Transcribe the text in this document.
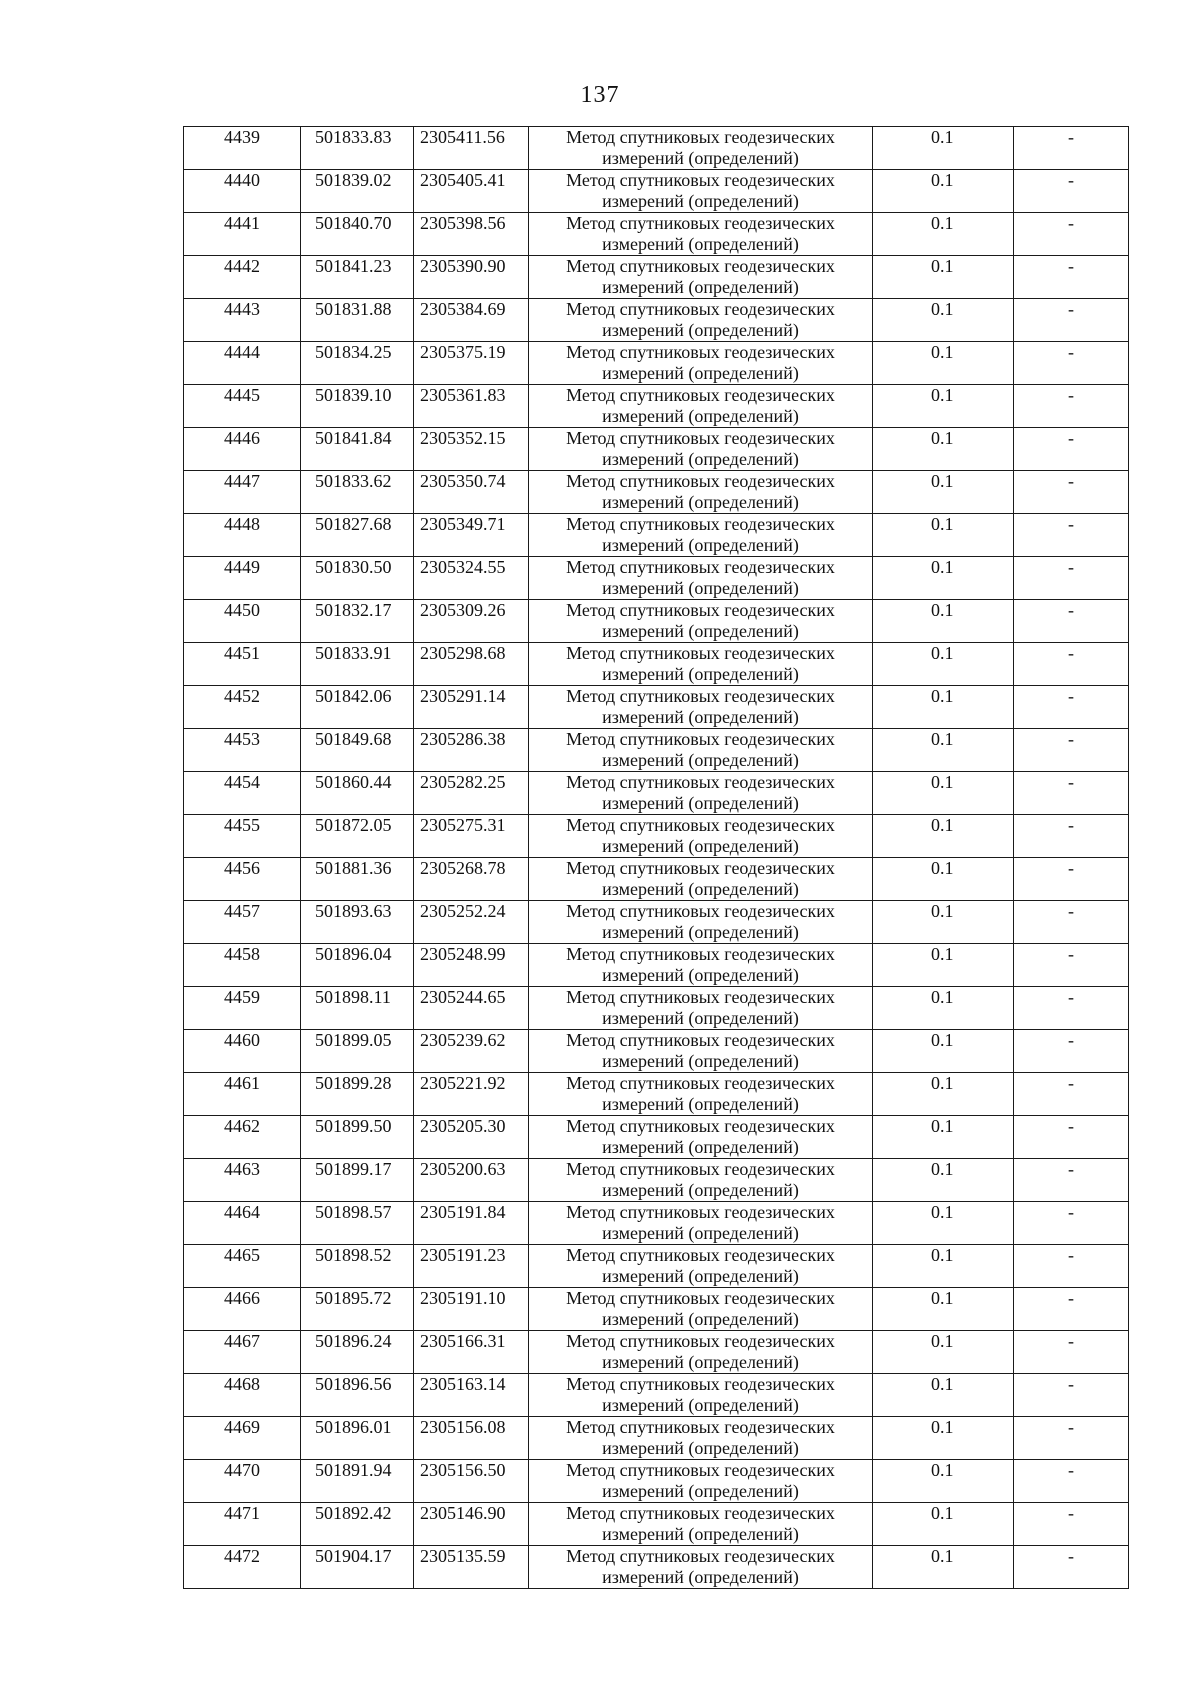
137
4439	501833.83	2305411.56	Метод спутниковых геодезических
измерений (определений)	0.1	-
4440	501839.02	2305405.41	Метод спутниковых геодезических
измерений (определений)	0.1	-
4441	501840.70	2305398.56	Метод спутниковых геодезических
измерений (определений)	0.1	-
4442	501841.23	2305390.90	Метод спутниковых геодезических
измерений (определений)	0.1	-
4443	501831.88	2305384.69	Метод спутниковых геодезических
измерений (определений)	0.1	-
4444	501834.25	2305375.19	Метод спутниковых геодезических
измерений (определений)	0.1	-
4445	501839.10	2305361.83	Метод спутниковых геодезических
измерений (определений)	0.1	-
4446	501841.84	2305352.15	Метод спутниковых геодезических
измерений (определений)	0.1	-
4447	501833.62	2305350.74	Метод спутниковых геодезических
измерений (определений)	0.1	-
4448	501827.68	2305349.71	Метод спутниковых геодезических
измерений (определений)	0.1	-
4449	501830.50	2305324.55	Метод спутниковых геодезических
измерений (определений)	0.1	-
4450	501832.17	2305309.26	Метод спутниковых геодезических
измерений (определений)	0.1	-
4451	501833.91	2305298.68	Метод спутниковых геодезических
измерений (определений)	0.1	-
4452	501842.06	2305291.14	Метод спутниковых геодезических
измерений (определений)	0.1	-
4453	501849.68	2305286.38	Метод спутниковых геодезических
измерений (определений)	0.1	-
4454	501860.44	2305282.25	Метод спутниковых геодезических
измерений (определений)	0.1	-
4455	501872.05	2305275.31	Метод спутниковых геодезических
измерений (определений)	0.1	-
4456	501881.36	2305268.78	Метод спутниковых геодезических
измерений (определений)	0.1	-
4457	501893.63	2305252.24	Метод спутниковых геодезических
измерений (определений)	0.1	-
4458	501896.04	2305248.99	Метод спутниковых геодезических
измерений (определений)	0.1	-
4459	501898.11	2305244.65	Метод спутниковых геодезических
измерений (определений)	0.1	-
4460	501899.05	2305239.62	Метод спутниковых геодезических
измерений (определений)	0.1	-
4461	501899.28	2305221.92	Метод спутниковых геодезических
измерений (определений)	0.1	-
4462	501899.50	2305205.30	Метод спутниковых геодезических
измерений (определений)	0.1	-
4463	501899.17	2305200.63	Метод спутниковых геодезических
измерений (определений)	0.1	-
4464	501898.57	2305191.84	Метод спутниковых геодезических
измерений (определений)	0.1	-
4465	501898.52	2305191.23	Метод спутниковых геодезических
измерений (определений)	0.1	-
4466	501895.72	2305191.10	Метод спутниковых геодезических
измерений (определений)	0.1	-
4467	501896.24	2305166.31	Метод спутниковых геодезических
измерений (определений)	0.1	-
4468	501896.56	2305163.14	Метод спутниковых геодезических
измерений (определений)	0.1	-
4469	501896.01	2305156.08	Метод спутниковых геодезических
измерений (определений)	0.1	-
4470	501891.94	2305156.50	Метод спутниковых геодезических
измерений (определений)	0.1	-
4471	501892.42	2305146.90	Метод спутниковых геодезических
измерений (определений)	0.1	-
4472	501904.17	2305135.59	Метод спутниковых геодезических
измерений (определений)	0.1	-
